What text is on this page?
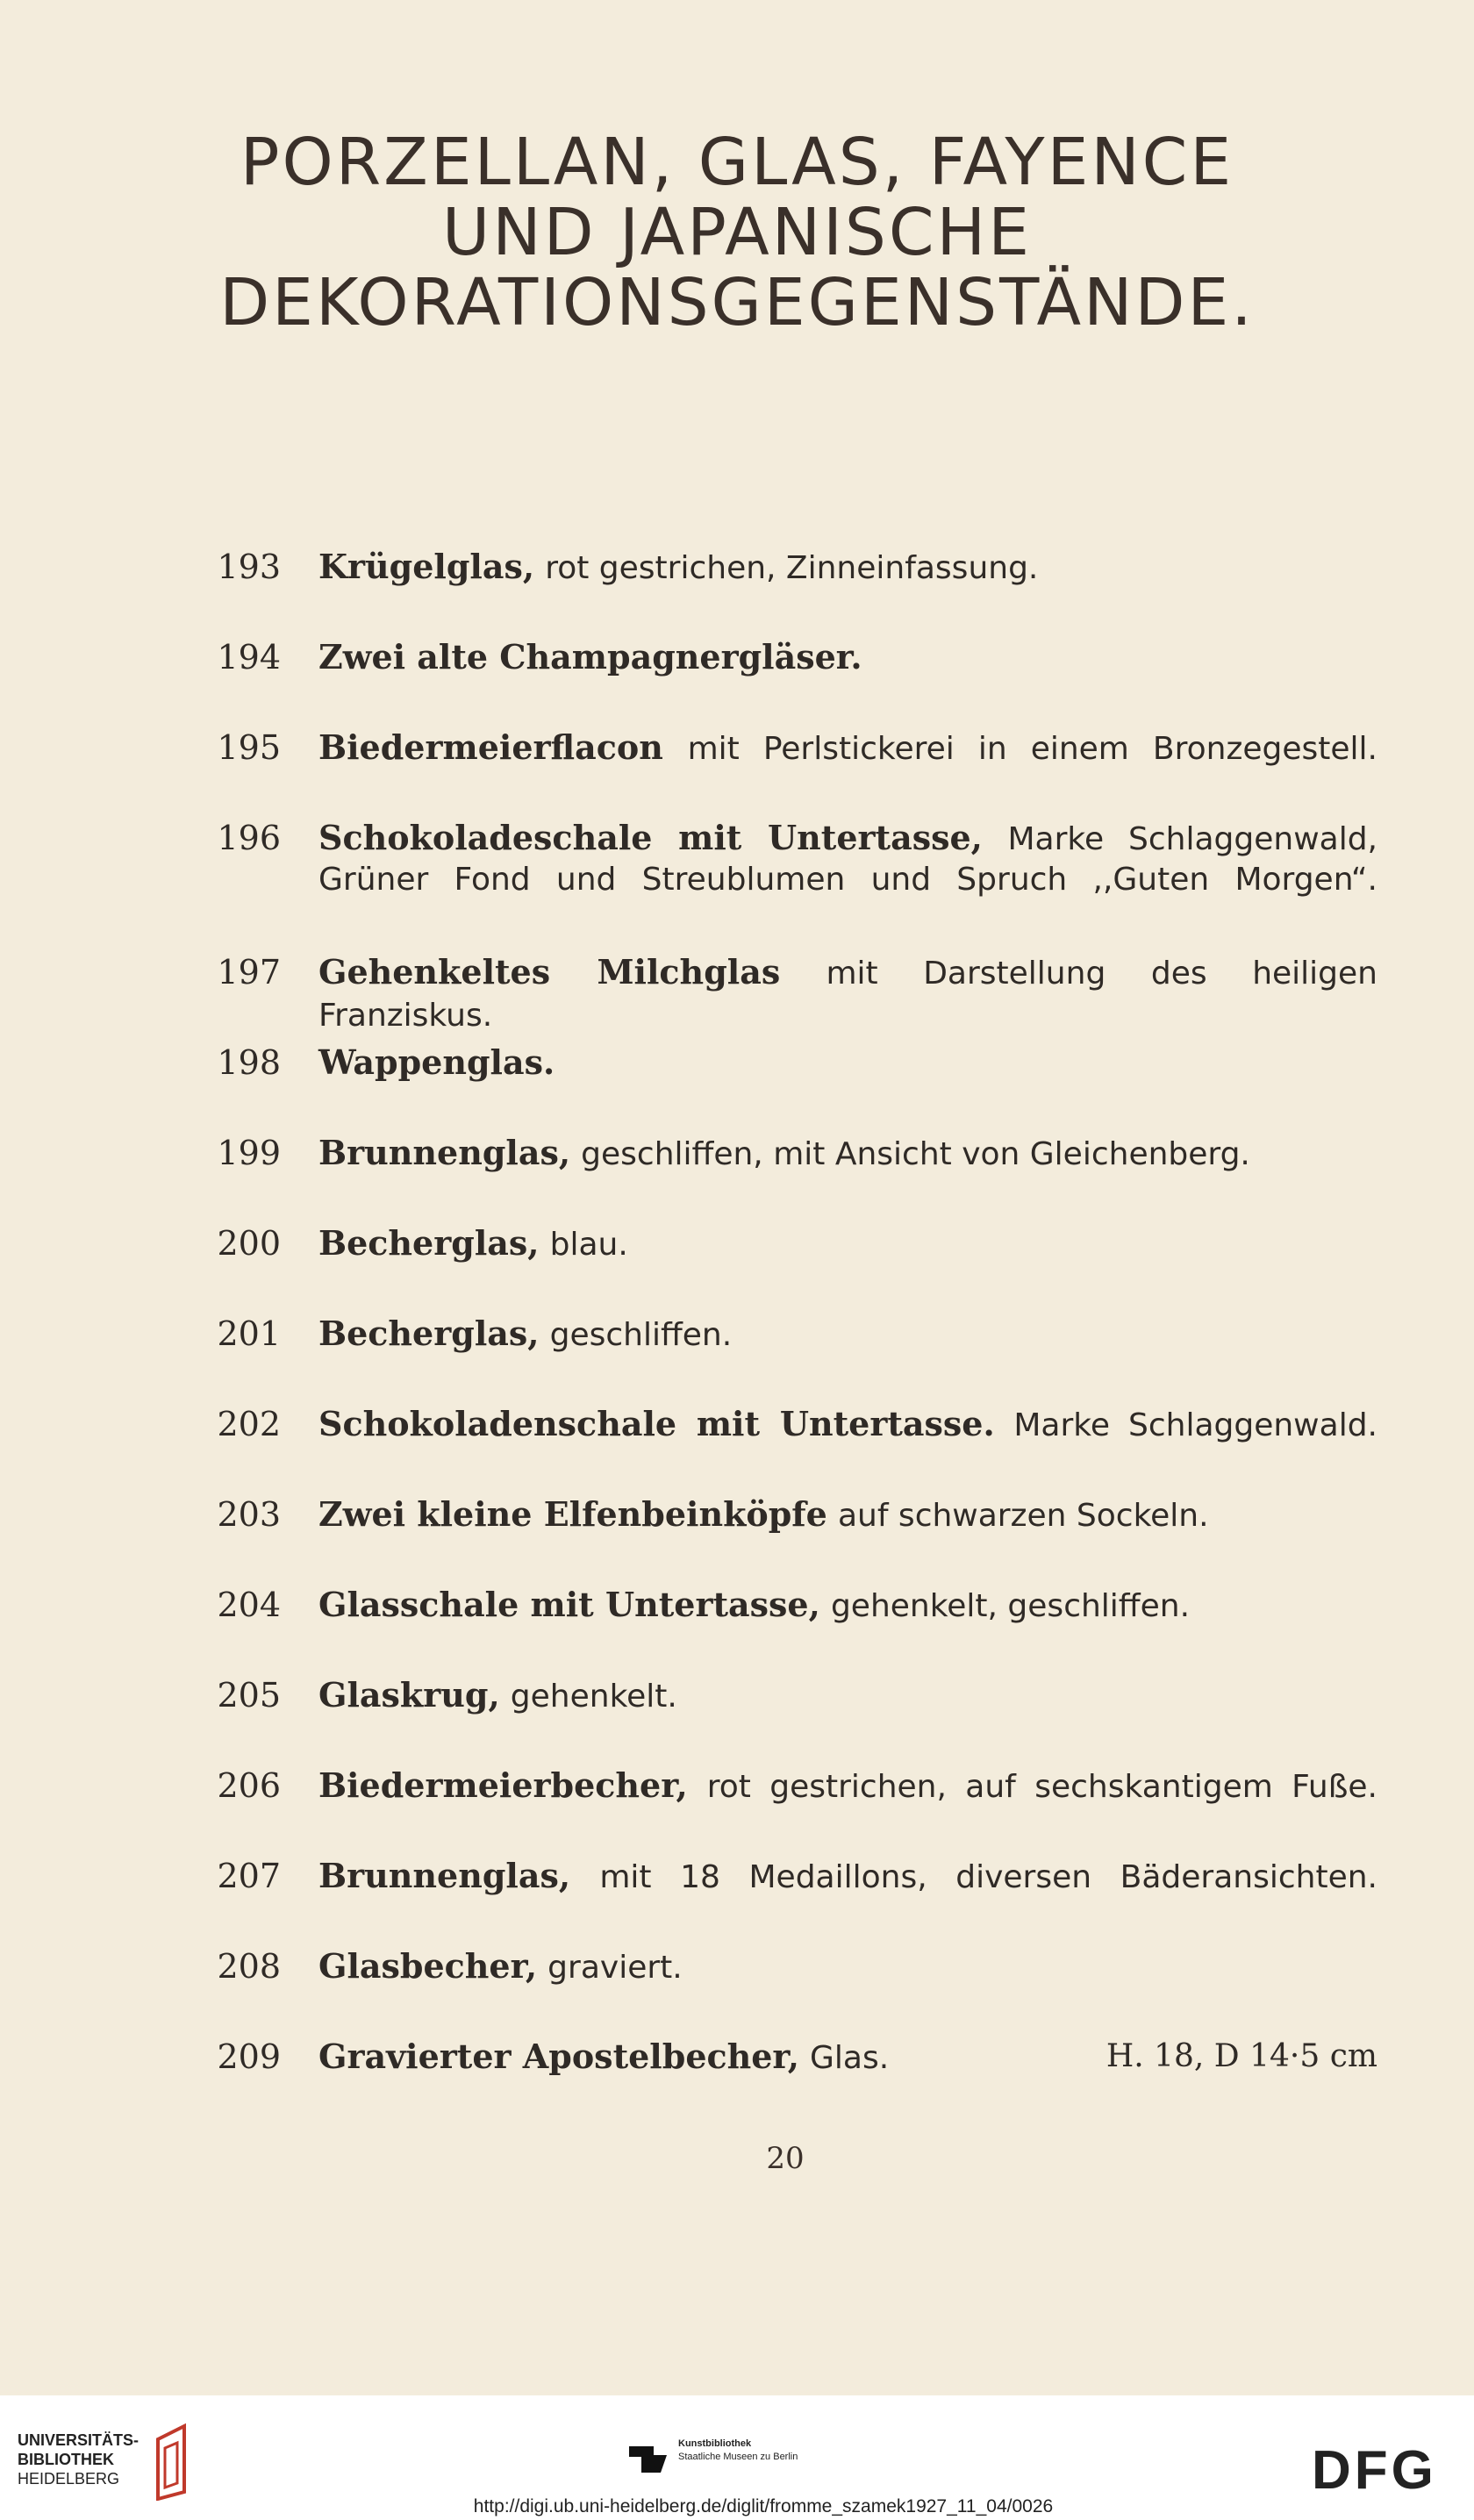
PORZELLAN, GLAS, FAYENCE
UND JAPANISCHE
DEKORATIONSGEGENSTÄNDE.
193 Krügelglas, rot gestrichen, Zinneinfassung.
194 Zwei alte Champagnergläser.
195 Biedermeierflacon mit Perlstickerei in einem Bronzegestell.
196 Schokoladeschale mit Untertasse, Marke Schlaggenwald,
Grüner Fond und Streublumen und Spruch ,,Guten Morgen“.
197 Gehenkeltes Milchglas mit Darstellung des heiligen Franziskus.
198 Wappenglas.
199 Brunnenglas, geschliffen, mit Ansicht von Gleichenberg.
200 Becherglas, blau.
201 Becherglas, geschliffen.
202 Schokoladenschale mit Untertasse. Marke Schlaggenwald.
203 Zwei kleine Elfenbeinköpfe auf schwarzen Sockeln.
204 Glasschale mit Untertasse, gehenkelt, geschliffen.
205 Glaskrug, gehenkelt.
206 Biedermeierbecher, rot gestrichen, auf sechskantigem Fuße.
207 Brunnenglas, mit 18 Medaillons, diversen Bäderansichten.
208 Glasbecher, graviert.
209	H. 18, D 14·5 cm
Gravierter Apostelbecher, Glas.
20
UNIVERSITÄTS-
BIBLIOTHEK
HEIDELBERG
Kunstbibliothek
Staatliche Museen zu Berlin	DFG
http://digi.ub.uni-heidelberg.de/diglit/fromme_szamek1927_11_04/0026
